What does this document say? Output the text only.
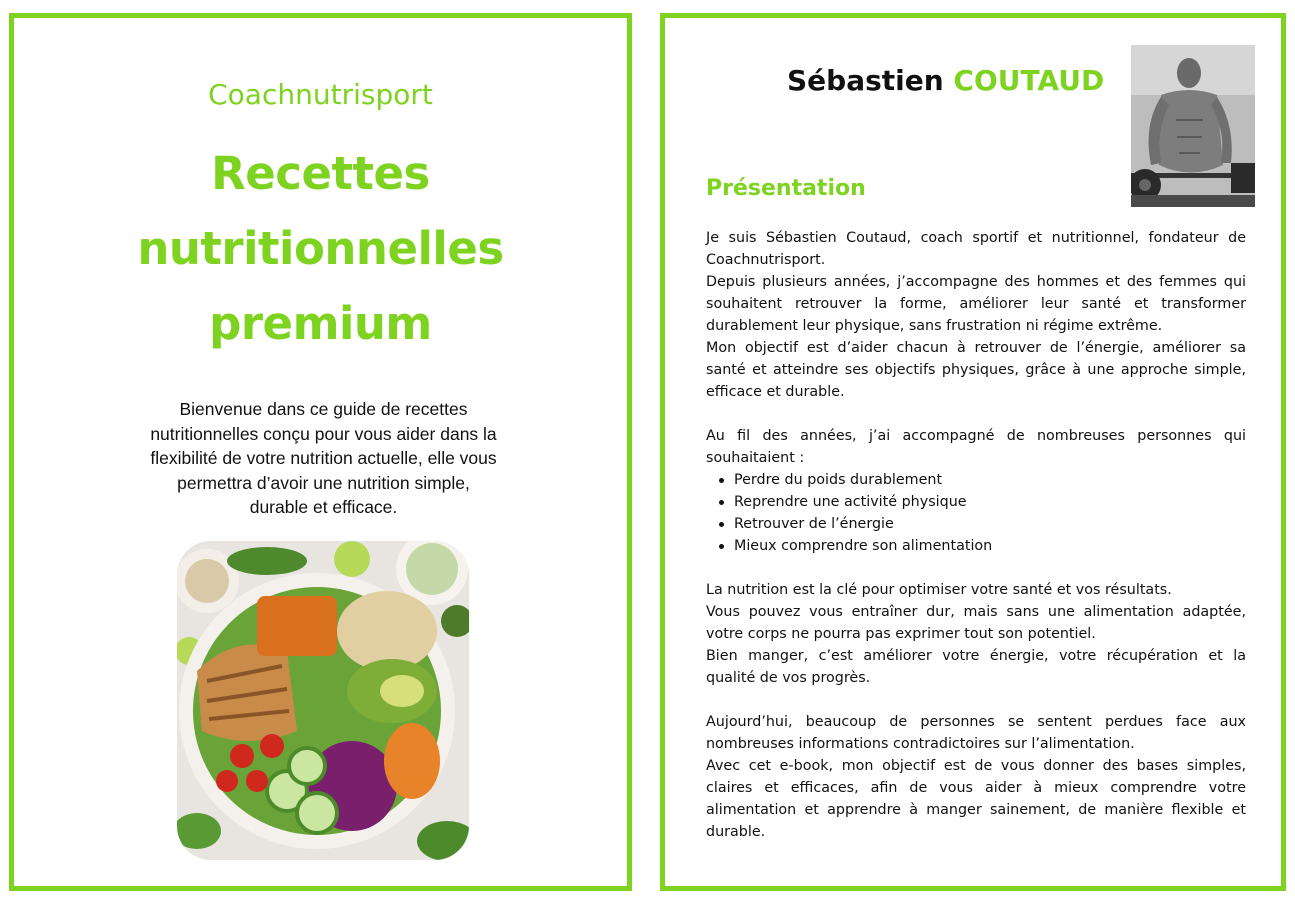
Coachnutrisport
Recettes
nutritionnelles
premium
Bienvenue dans ce guide de recettes
nutritionnelles conçu pour vous aider dans la
flexibilité de votre nutrition actuelle, elle vous
permettra d’avoir une nutrition simple,
durable et efficace.
Sébastien COUTAUD
Présentation

Je suis Sébastien Coutaud, coach sportif et nutritionnel, fondateur de Coachnutrisport.

Depuis plusieurs années, j’accompagne des hommes et des femmes qui souhaitent retrouver la forme, améliorer leur santé et transformer durablement leur physique, sans frustration ni régime extrême.

Mon objectif est d’aider chacun à retrouver de l’énergie, améliorer sa santé et atteindre ses objectifs physiques, grâce à une approche simple, efficace et durable.

Au fil des années, j’ai accompagné de nombreuses personnes qui souhaitaient :

Perdre du poids durablement
Reprendre une activité physique
Retrouver de l’énergie
Mieux comprendre son alimentation

La nutrition est la clé pour optimiser votre santé et vos résultats.

Vous pouvez vous entraîner dur, mais sans une alimentation adaptée, votre corps ne pourra pas exprimer tout son potentiel.

Bien manger, c’est améliorer votre énergie, votre récupération et la qualité de vos progrès.

Aujourd’hui, beaucoup de personnes se sentent perdues face aux nombreuses informations contradictoires sur l’alimentation.

Avec cet e-book, mon objectif est de vous donner des bases simples, claires et efficaces, afin de vous aider à mieux comprendre votre alimentation et apprendre à manger sainement, de manière flexible et durable.
